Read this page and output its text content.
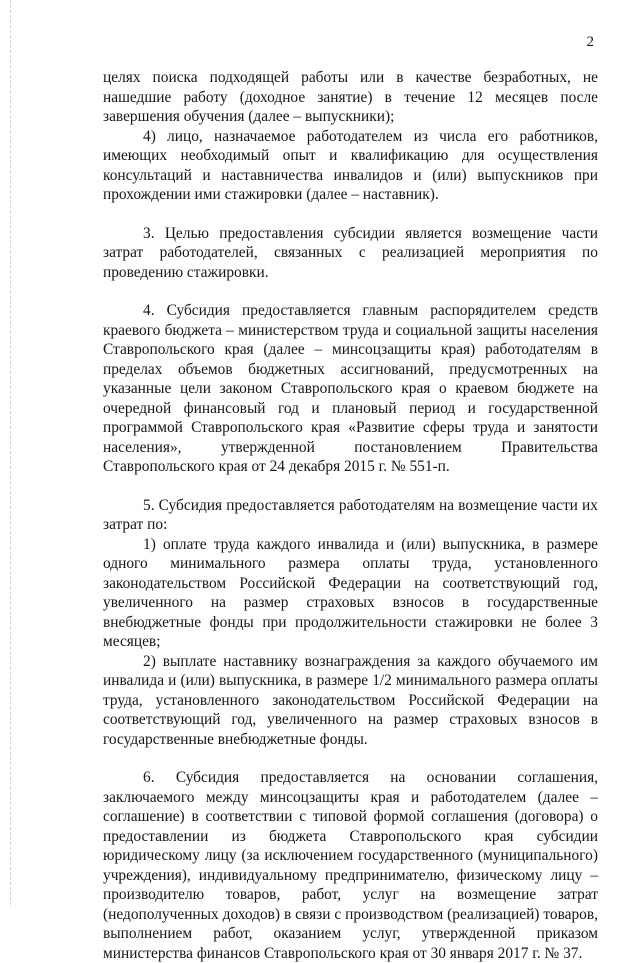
2

целях поиска подходящей работы или в качестве безработных, не нашедшие работу (доходное занятие) в течение 12 месяцев после завершения обучения (далее – выпускники);

4) лицо, назначаемое работодателем из числа его работников, имеющих необходимый опыт и квалификацию для осуществления консультаций и наставничества инвалидов и (или) выпускников при прохождении ими стажировки (далее – наставник).

3. Целью предоставления субсидии является возмещение части затрат работодателей, связанных с реализацией мероприятия по проведению стажировки.

4. Субсидия предоставляется главным распорядителем средств краевого бюджета – министерством труда и социальной защиты населения Ставропольского края (далее – минсоцзащиты края) работодателям в пределах объемов бюджетных ассигнований, предусмотренных на указанные цели законом Ставропольского края о краевом бюджете на очередной финансовый год и плановый период и государственной программой Ставропольского края «Развитие сферы труда и занятости населения», утвержденной постановлением Правительства Ставропольского края от 24 декабря 2015 г. № 551-п.

5. Субсидия предоставляется работодателям на возмещение части их затрат по:

1) оплате труда каждого инвалида и (или) выпускника, в размере одного минимального размера оплаты труда, установленного законодательством Российской Федерации на соответствующий год, увеличенного на размер страховых взносов в государственные внебюджетные фонды при продолжительности стажировки не более 3 месяцев;

2) выплате наставнику вознаграждения за каждого обучаемого им инвалида и (или) выпускника, в размере 1/2 минимального размера оплаты труда, установленного законодательством Российской Федерации на соответствующий год, увеличенного на размер страховых взносов в государственные внебюджетные фонды.

6. Субсидия предоставляется на основании соглашения, заключаемого между минсоцзащиты края и работодателем (далее – соглашение) в соответствии с типовой формой соглашения (договора) о предоставлении из бюджета Ставропольского края субсидии юридическому лицу (за исключением государственного (муниципального) учреждения), индивидуальному предпринимателю, физическому лицу – производителю товаров, работ, услуг на возмещение затрат (недополученных доходов) в связи с производством (реализацией) товаров, выполнением работ, оказанием услуг, утвержденной приказом министерства финансов Ставропольского края от 30 января 2017 г. № 37.
